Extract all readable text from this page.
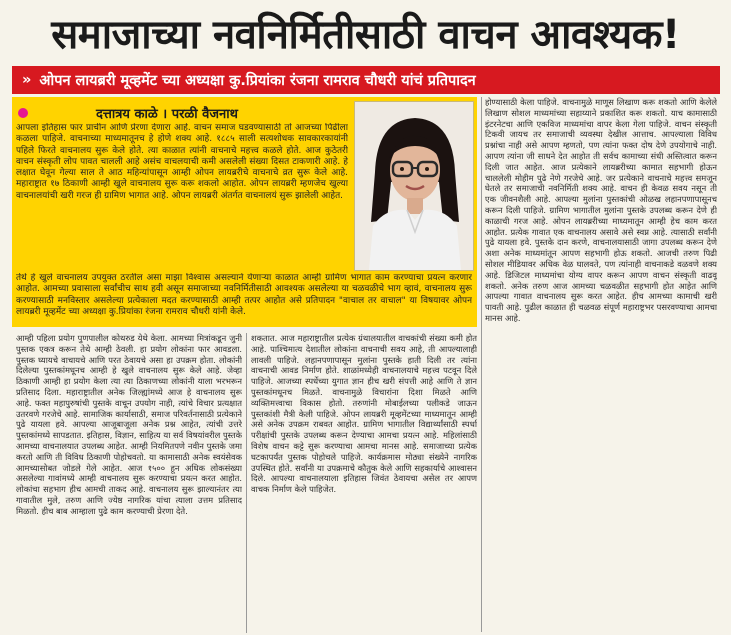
समाजाच्या नवनिर्मितीसाठी वाचन आवश्यक!
» ओपन लायब्ररी मूव्हमेंट च्या अध्यक्षा कु.प्रियांका रंजना रामराव चौधरी यांचं प्रतिपादन
दत्तात्रय काळे । परळी वैजनाथ
आपला इतिहास फार प्राचीन आणि प्रेरणा देणारा आहे. वाचन समाज घडवण्यासाठी तो आजच्या पिढीला कळला पाहिजे. वाचनाच्या माध्यमातूनच हे होणे शक्य आहे. १८८५ साली सत्यशोधक सावकारकायांनी पहिले फिरते वाचनालय सुरू केले होते. त्या काळात त्यांनी वाचनाचे महत्त्व कळले होते. आज कुठेतरी वाचन संस्कृती लोप पावत चालली आहे असंच वाचलयाची कमी असलेली संख्या दिसत टाकणारी आहे. हे लक्षात घेवून गेल्या साल ते आठ महिन्यांपासून आम्ही ओपन लायब्ररीचे वाचनाचे व्रत सुरू केले आहे. महाराष्ट्रात १७ ठिकाणी आम्ही खुले वाचनालय सुरू करू शकलो आहोत. ओपन लायब्ररी म्हणजेच खुल्या वाचनालयांची खरी गरज ही ग्रामिण भागात आहे. ओपन लायब्ररी अंतर्गत वाचनालयं सुरू झालेली आहेत.
तेथे हे खुले वाचनालय उपयुक्त ठरतील असा माझा विश्वास असल्याने येणाऱ्या काळात आम्ही ग्रामिण भागात काम करण्याचा प्रयत्न करणार आहोत. आमच्या प्रवासाला सर्वांचीच साथ हवी असून समाजाच्या नवनिर्मितीसाठी आवश्यक असलेल्या या चळवळीचे भाग व्हावं, वाचनालय सुरू करण्यासाठी मनविस्तार असलेल्या प्रत्येकाला मदत करण्यासाठी आम्ही तत्पर आहोत असे प्रतिपादन "वाचाल तर वाचाल" या विषयावर ओपन लायब्ररी मूव्हमेंट च्या अध्यक्षा कु.प्रियांका रंजना रामराव चौधरी यांनी केले.
होण्यासाठी केला पाहिजे. वाचनामुळे माणूस लिखाण करू शकतो आणि केलेले लिखाण सोशल माध्यमांच्या सहाय्याने प्रकाशित करू शकतो. याच कामासाठी इंटरनेटचा आणि एकविज माध्यमांचा वापर केला गेला पाहिजे. वाचन संस्कृती टिकवी जायच तर समाजाची व्यवस्था देखील आत्ताच. आपल्याला विविध प्रश्नांचा नाही असे आपण म्हणतो, पण त्यांना फक्त दोष देणे उपयोगाचे नाही. आपण त्यांना जी साधने देत आहोत ती सर्वच कामाच्या संधी अस्तित्वात करून दिली जात आहेत. आज प्रत्येकाने लायब्ररीच्या कामात सहभागी होऊन चाललेली मोहीम पुढे नेणे गरजेचे आहे. जर प्रत्येकाने वाचनाचे महत्त्व समजून घेतले तर समाजाची नवनिर्मिती शक्य आहे. वाचन ही केवळ सवय नसून ती एक जीवनशैली आहे. आपल्या मुलांना पुस्तकांची ओळख लहानपणापासूनच करून दिली पाहिजे. ग्रामिण भागातील मुलांना पुस्तके उपलब्ध करून देणे ही काळाची गरज आहे. ओपन लायब्ररीच्या माध्यमातून आम्ही हेच काम करत आहोत. प्रत्येक गावात एक वाचनालय असावे असे स्वप्न आहे. त्यासाठी सर्वांनी पुढे यायला हवे. पुस्तके दान करणे, वाचनालयासाठी जागा उपलब्ध करून देणे अशा अनेक माध्यमांतून आपण सहभागी होऊ शकतो. आजची तरुण पिढी सोशल मीडियावर अधिक वेळ घालवते, पण त्यांनाही वाचनाकडे वळवणे शक्य आहे. डिजिटल माध्यमांचा योग्य वापर करून आपण वाचन संस्कृती वाढवू शकतो. अनेक तरुण आज आमच्या चळवळीत सहभागी होत आहेत आणि आपल्या गावात वाचनालय सुरू करत आहेत. हीच आमच्या कामाची खरी पावती आहे. पुढील काळात ही चळवळ संपूर्ण महाराष्ट्रभर पसरवण्याचा आमचा मानस आहे.
आम्ही पहिला प्रयोग पुणपालील कोथरुड येथे केला. आमच्या मित्रांकडून जुनी पुस्तक एकत्र करून तेथे आम्ही ठेवली. हा प्रयोग लोकांना फार आवडला. पुस्तक घ्यायचे वाचायचे आणि परत ठेवायचे असा हा उपक्रम होता. लोकांनी दिलेल्या पुस्तकांमधूनच आम्ही हे खुले वाचनालय सुरू केले आहे. जेव्हा ठिकाणी आम्ही हा प्रयोग केला त्या त्या ठिकाणच्या लोकांनी याला भरभरून प्रतिसाद दिला. महाराष्ट्रातील अनेक जिल्ह्यांमध्ये आज हे वाचनालय सुरू आहे. फक्त महापुरुषांची पुस्तके वाचून उपयोग नाही, त्यांचे विचार प्रत्यक्षात उतरवणे गरजेचे आहे. सामाजिक कार्यासाठी, समाज परिवर्तनासाठी प्रत्येकाने पुढे यायला हवे. आपल्या आजूबाजूला अनेक प्रश्न आहेत, त्यांची उत्तरे पुस्तकांमध्ये सापडतात. इतिहास, विज्ञान, साहित्य या सर्व विषयांवरील पुस्तके आमच्या वाचनालयात उपलब्ध आहेत. आम्ही नियमितपणे नवीन पुस्तके जमा करतो आणि ती विविध ठिकाणी पोहोचवतो. या कामासाठी अनेक स्वयंसेवक आमच्यासोबत जोडले गेले आहेत. आज १५०० हून अधिक लोकसंख्या असलेल्या गावांमध्ये आम्ही वाचनालय सुरू करण्याचा प्रयत्न करत आहोत. लोकांचा सहभाग हीच आमची ताकद आहे. वाचनालय सुरू झाल्यानंतर त्या गावातील मुले, तरुण आणि ज्येष्ठ नागरिक यांचा त्याला उत्तम प्रतिसाद मिळतो. हीच बाब आम्हाला पुढे काम करण्याची प्रेरणा देते.
शकतात. आज महाराष्ट्रातील प्रत्येक ग्रंथालयातील वाचकांची संख्या कमी होत आहे. पाश्चिमात्य देशातील लोकांना वाचनाची सवय आहे, ती आपल्यालाही लावली पाहिजे. लहानपणापासून मुलांना पुस्तके हाती दिली तर त्यांना वाचनाची आवड निर्माण होते. शाळांमध्येही वाचनालयाचे महत्त्व पटवून दिले पाहिजे. आजच्या स्पर्धेच्या युगात ज्ञान हीच खरी संपत्ती आहे आणि ते ज्ञान पुस्तकांमधूनच मिळते. वाचनामुळे विचारांना दिशा मिळते आणि व्यक्तिमत्त्वाचा विकास होतो. तरुणांनी मोबाईलच्या पलीकडे जाऊन पुस्तकांशी मैत्री केली पाहिजे. ओपन लायब्ररी मूव्हमेंटच्या माध्यमातून आम्ही असे अनेक उपक्रम राबवत आहोत. ग्रामिण भागातील विद्यार्थ्यांसाठी स्पर्धा परीक्षांची पुस्तके उपलब्ध करून देण्याचा आमचा प्रयत्न आहे. महिलांसाठी विशेष वाचन कट्टे सुरू करण्याचा आमचा मानस आहे. समाजाच्या प्रत्येक घटकापर्यंत पुस्तक पोहोचले पाहिजे. कार्यक्रमास मोठ्या संख्येने नागरिक उपस्थित होते. सर्वांनी या उपक्रमाचे कौतुक केले आणि सहकार्याचे आश्वासन दिले. आपल्या वाचनालयाला इतिहास जिवंत ठेवायचा असेल तर आपण वाचक निर्माण केले पाहिजेत.
